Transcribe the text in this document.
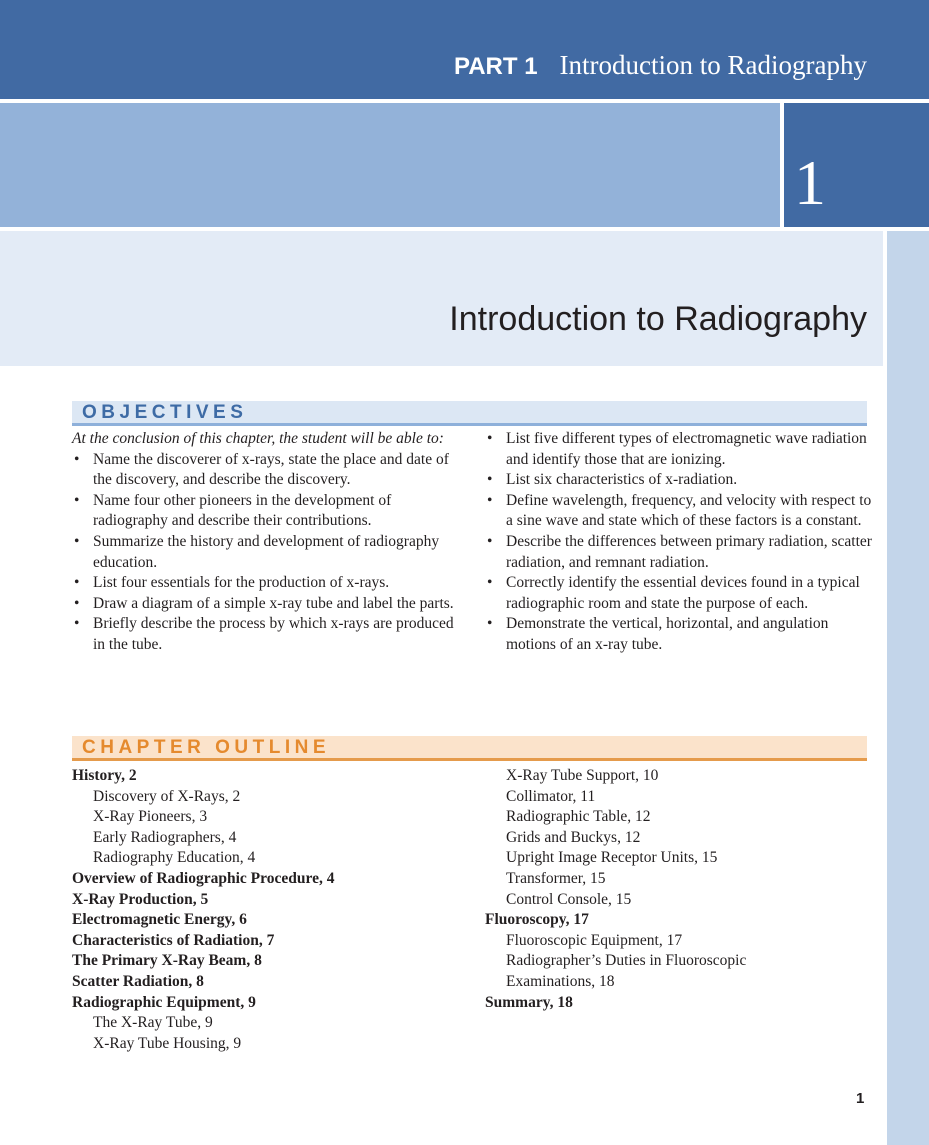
PART 1 Introduction to Radiography
1
Introduction to Radiography
OBJECTIVES
At the conclusion of this chapter, the student will be able to:
• Name the discoverer of x-rays, state the place and date of the discovery, and describe the discovery.
• Name four other pioneers in the development of radiography and describe their contributions.
• Summarize the history and development of radiography education.
• List four essentials for the production of x-rays.
• Draw a diagram of a simple x-ray tube and label the parts.
• Briefly describe the process by which x-rays are produced in the tube.
• List five different types of electromagnetic wave radiation and identify those that are ionizing.
• List six characteristics of x-radiation.
• Define wavelength, frequency, and velocity with respect to a sine wave and state which of these factors is a constant.
• Describe the differences between primary radiation, scatter radiation, and remnant radiation.
• Correctly identify the essential devices found in a typical radiographic room and state the purpose of each.
• Demonstrate the vertical, horizontal, and angulation motions of an x-ray tube.
CHAPTER OUTLINE
History, 2
Discovery of X-Rays, 2
X-Ray Pioneers, 3
Early Radiographers, 4
Radiography Education, 4
Overview of Radiographic Procedure, 4
X-Ray Production, 5
Electromagnetic Energy, 6
Characteristics of Radiation, 7
The Primary X-Ray Beam, 8
Scatter Radiation, 8
Radiographic Equipment, 9
The X-Ray Tube, 9
X-Ray Tube Housing, 9
X-Ray Tube Support, 10
Collimator, 11
Radiographic Table, 12
Grids and Buckys, 12
Upright Image Receptor Units, 15
Transformer, 15
Control Console, 15
Fluoroscopy, 17
Fluoroscopic Equipment, 17
Radiographer’s Duties in Fluoroscopic Examinations, 18
Summary, 18
1
